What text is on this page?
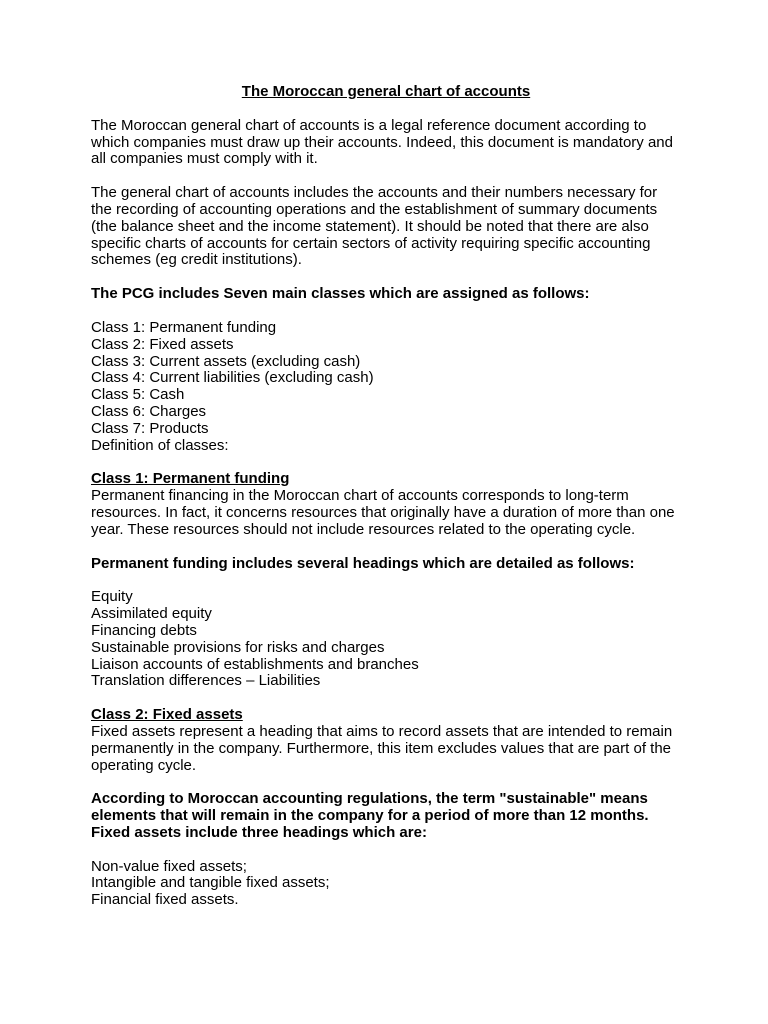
The Moroccan general chart of accounts

The Moroccan general chart of accounts is a legal reference document according to which companies must draw up their accounts. Indeed, this document is mandatory and all companies must comply with it.

The general chart of accounts includes the accounts and their numbers necessary for the recording of accounting operations and the establishment of summary documents (the balance sheet and the income statement). It should be noted that there are also specific charts of accounts for certain sectors of activity requiring specific accounting schemes (eg credit institutions).

The PCG includes Seven main classes which are assigned as follows:

Class 1: Permanent funding
Class 2: Fixed assets
Class 3: Current assets (excluding cash)
Class 4: Current liabilities (excluding cash)
Class 5: Cash
Class 6: Charges
Class 7: Products
Definition of classes:

Class 1: Permanent funding

Permanent financing in the Moroccan chart of accounts corresponds to long-term resources. In fact, it concerns resources that originally have a duration of more than one year. These resources should not include resources related to the operating cycle.

Permanent funding includes several headings which are detailed as follows:

Equity
Assimilated equity
Financing debts
Sustainable provisions for risks and charges
Liaison accounts of establishments and branches
Translation differences – Liabilities

Class 2: Fixed assets

Fixed assets represent a heading that aims to record assets that are intended to remain permanently in the company. Furthermore, this item excludes values that are part of the operating cycle.

According to Moroccan accounting regulations, the term "sustainable" means elements that will remain in the company for a period of more than 12 months. Fixed assets include three headings which are:

Non-value fixed assets;
Intangible and tangible fixed assets;
Financial fixed assets.
